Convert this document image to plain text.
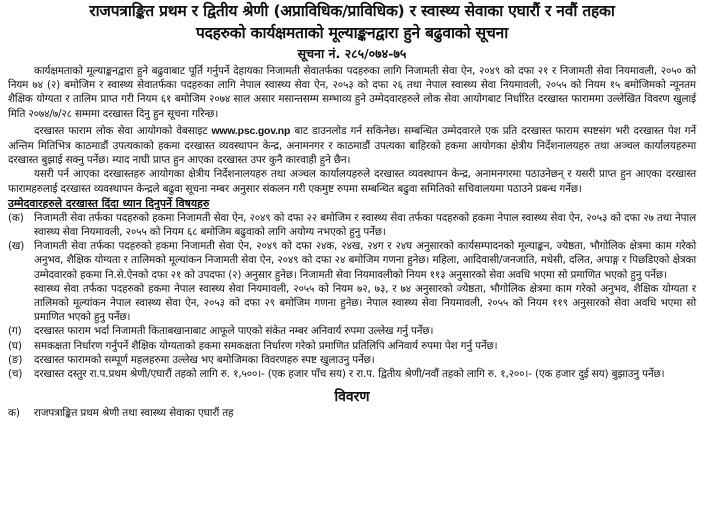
राजपत्राङ्कित प्रथम र द्वितीय श्रेणी (अप्राविधिक/प्राविधिक) र स्वास्थ्य सेवाका एघारौं र नवौं तहका
पदहरुको कार्यक्षमताको मूल्याङ्कनद्वारा हुने बढुवाको सूचना
सूचना नं. २८५/०७४-७५

कार्यक्षमताको मूल्याङ्कनद्वारा हुने बढुवाबाट पूर्ति गर्नुपर्ने देहायका निजामती सेवातर्फका पदहरुका लागि निजामती सेवा ऐन, २०४९ को दफा २१ र निजामती सेवा नियमावली, २०५० को नियम ७४ (२) बमोजिम र स्वास्थ्य सेवातर्फका पदहरुका लागि नेपाल स्वास्थ्य सेवा ऐन, २०५३ को दफा २६ तथा नेपाल स्वास्थ्य सेवा नियमावली, २०५५ को नियम १५ बमोजिमको न्यूनतम शैक्षिक योग्यता र तालिम प्राप्त गरी नियम ६१ बमोजिम २०७४ साल असार मसान्तसम्म सम्भाव्य हुने उम्मेदवारहरुले लोक सेवा आयोगबाट निर्धारित दरखास्त फाराममा उल्लेखित विवरण खुलाई मिति २०७४/७/२८ सम्ममा दरखास्त दिनु हुन सूचना गरिन्छ।

दरखास्त फाराम लोक सेवा आयोगको वेबसाइट www.psc.gov.np बाट डाउनलोड गर्न सकिनेछ। सम्बन्धित उम्मेदवारले एक प्रति दरखास्त फाराम स्पष्टसंग भरी दरखास्त पेश गर्ने अन्तिम मितिभित्र काठमाडौं उपत्यकाको हकमा दरखास्त व्यवस्थापन केन्द्र, अनामनगर र काठमाडौं उपत्यका बाहिरको हकमा आयोगका क्षेत्रीय निर्देशनालयहरु तथा अञ्चल कार्यालयहरुमा दरखास्त बुझाई सक्नु पर्नेछ। म्याद नाघी प्राप्त हुन आएका दरखास्त उपर कुनै कारवाही हुने छैन।

यसरी पर्न आएका दरखास्तहरु आयोगका क्षेत्रीय निर्देशनालयहरु तथा अञ्चल कार्यालयहरुले दरखास्त व्यवस्थापन केन्द्र, अनामनगरमा पठाउनेछन् र यसरी प्राप्त हुन आएका दरखास्त फारामहरुलाई दरखास्त व्यवस्थापन केन्द्रले बढुवा सूचना नम्बर अनुसार संकलन गरी एकमुष्ट रुपमा सम्बन्धित बढुवा समितिको सचिवालयमा पठाउने प्रबन्ध गर्नेछ।

उम्मेदवारहरुले दरखास्त दिंदा ध्यान दिनुपर्ने विषयहरु
(क) निजामती सेवा तर्फका पदहरुको हकमा निजामती सेवा ऐन, २०४९ को दफा २२ बमोजिम र स्वास्थ्य सेवा तर्फका पदहरुको हकमा नेपाल स्वास्थ्य सेवा ऐन, २०५३ को दफा २७ तथा नेपाल स्वास्थ्य सेवा नियमावली, २०५५ को नियम ६८ बमोजिम बढुवाको लागि अयोग्य नभएको हुनु पर्नेछ।
(ख) निजामती सेवा तर्फका पदहरुको हकमा निजामती सेवा ऐन, २०४९ को दफा २४क, २४ख, २४ग र २४घ अनुसारको कार्यसम्पादनको मूल्याङ्कन, ज्येष्ठता, भौगोलिक क्षेत्रमा काम गरेको अनुभव, शैक्षिक योग्यता र तालिमको मूल्यांकन निजामती सेवा ऐन, २०४९ को दफा २४ बमोजिम गणना हुनेछ। महिला, आदिवासी/जनजाति, मधेसी, दलित, अपाङ्ग र पिछडिएको क्षेत्रका उम्मेदवारको हकमा नि.से.ऐनको दफा २१ को उपदफा (२) अनुसार हुनेछ। निजामती सेवा नियमावलीको नियम ११३ अनुसारको सेवा अवधि भएमा सो प्रमाणित भएको हुनु पर्नेछ।

स्वास्थ्य सेवा तर्फका पदहरुको हकमा नेपाल स्वास्थ्य सेवा नियमावली, २०५५ को नियम ७२, ७३, र ७४ अनुसारको ज्येष्ठता, भौगोलिक क्षेत्रमा काम गरेको अनुभव, शैक्षिक योग्यता र तालिमको मूल्यांकन नेपाल स्वास्थ्य सेवा ऐन, २०५३ को दफा २९ बमोजिम गणना हुनेछ। नेपाल स्वास्थ्य सेवा नियमावली, २०५५ को नियम ११९ अनुसारको सेवा अवधि भएमा सो प्रमाणित भएको हुनु पर्नेछ।

(ग)	दरखास्त फाराम भर्दा निजामती किताबखानाबाट आफूले पाएको संकेत नम्बर अनिवार्य रुपमा उल्लेख गर्नु पर्नेछ।
(घ)	समकक्षता निर्धारण गर्नुपर्ने शैक्षिक योग्यताको हकमा समकक्षता निर्धारण गरेको प्रमाणित प्रतिलिपि अनिवार्य रुपमा पेश गर्नु पर्नेछ।
(ङ)	दरखास्त फारामको सम्पूर्ण महलहरुमा उल्लेख भए बमोजिमका विवरणहरु स्पष्ट खुलाउनु पर्नेछ।
(च)	दरखास्त दस्तुर रा.प.प्रथम श्रेणी/एघारौं तहको लागि रु. १,५००।- (एक हजार पाँच सय) र रा.प. द्वितीय श्रेणी/नवौं तहको लागि रु. १,२००।- (एक हजार दुई सय) बुझाउनु पर्नेछ।
विवरण
क)	राजपत्राङ्कित प्रथम श्रेणी तथा स्वास्थ्य सेवाका एघारौं तह
